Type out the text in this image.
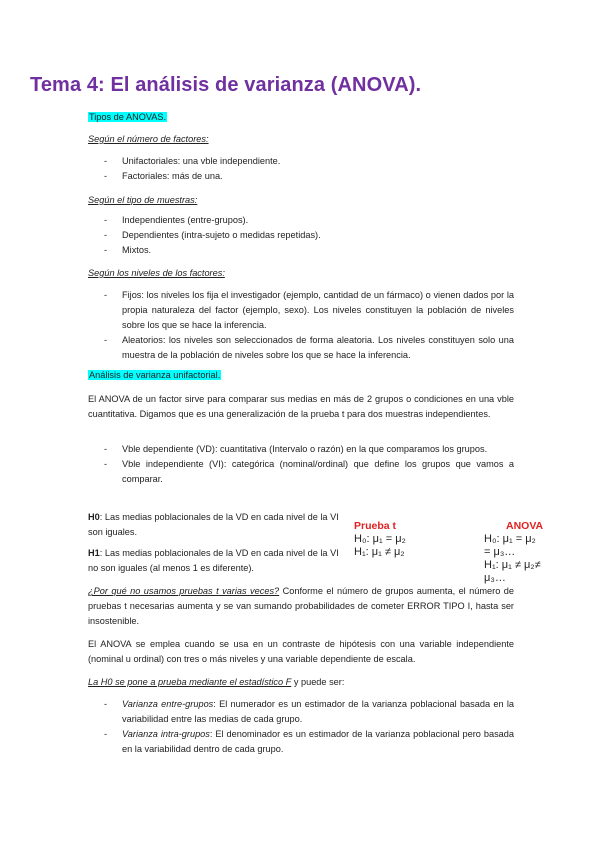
Tema 4: El análisis de varianza (ANOVA).

Tipos de ANOVAS.

Según el número de factores:

- Unifactoriales: una vble independiente.
- Factoriales: más de una.

Según el tipo de muestras:

- Independientes (entre-grupos).
- Dependientes (intra-sujeto o medidas repetidas).
- Mixtos.

Según los niveles de los factores:

- Fijos: los niveles los fija el investigador (ejemplo, cantidad de un fármaco) o vienen dados por la propia naturaleza del factor (ejemplo, sexo). Los niveles constituyen la población de niveles sobre los que se hace la inferencia.
- Aleatorios: los niveles son seleccionados de forma aleatoria. Los niveles constituyen solo una muestra de la población de niveles sobre los que se hace la inferencia.

Análisis de varianza unifactorial.

El ANOVA de un factor sirve para comparar sus medias en más de 2 grupos o condiciones en una vble cuantitativa. Digamos que es una generalización de la prueba t para dos muestras independientes.

- Vble dependiente (VD): cuantitativa (Intervalo o razón) en la que comparamos los grupos.
- Vble independiente (VI): categórica (nominal/ordinal) que define los grupos que vamos a comparar.

H0: Las medias poblacionales de la VD en cada nivel de la VI son iguales.

H1: Las medias poblacionales de la VD en cada nivel de la VI no son iguales (al menos 1 es diferente).

Prueba t
H₀: μ₁ = μ₂
H₁: μ₁ ≠ μ₂
ANOVA
H₀: μ₁ = μ₂ = μ₃…
H₁: μ₁ ≠ μ₂≠ μ₃…

¿Por qué no usamos pruebas t varias veces? Conforme el número de grupos aumenta, el número de pruebas t necesarias aumenta y se van sumando probabilidades de cometer ERROR TIPO I, hasta ser insostenible.

El ANOVA se emplea cuando se usa en un contraste de hipótesis con una variable independiente (nominal u ordinal) con tres o más niveles y una variable dependiente de escala.

La H0 se pone a prueba mediante el estadístico F y puede ser:

- Varianza entre-grupos: El numerador es un estimador de la varianza poblacional basada en la variabilidad entre las medias de cada grupo.
- Varianza intra-grupos: El denominador es un estimador de la varianza poblacional pero basada en la variabilidad dentro de cada grupo.
